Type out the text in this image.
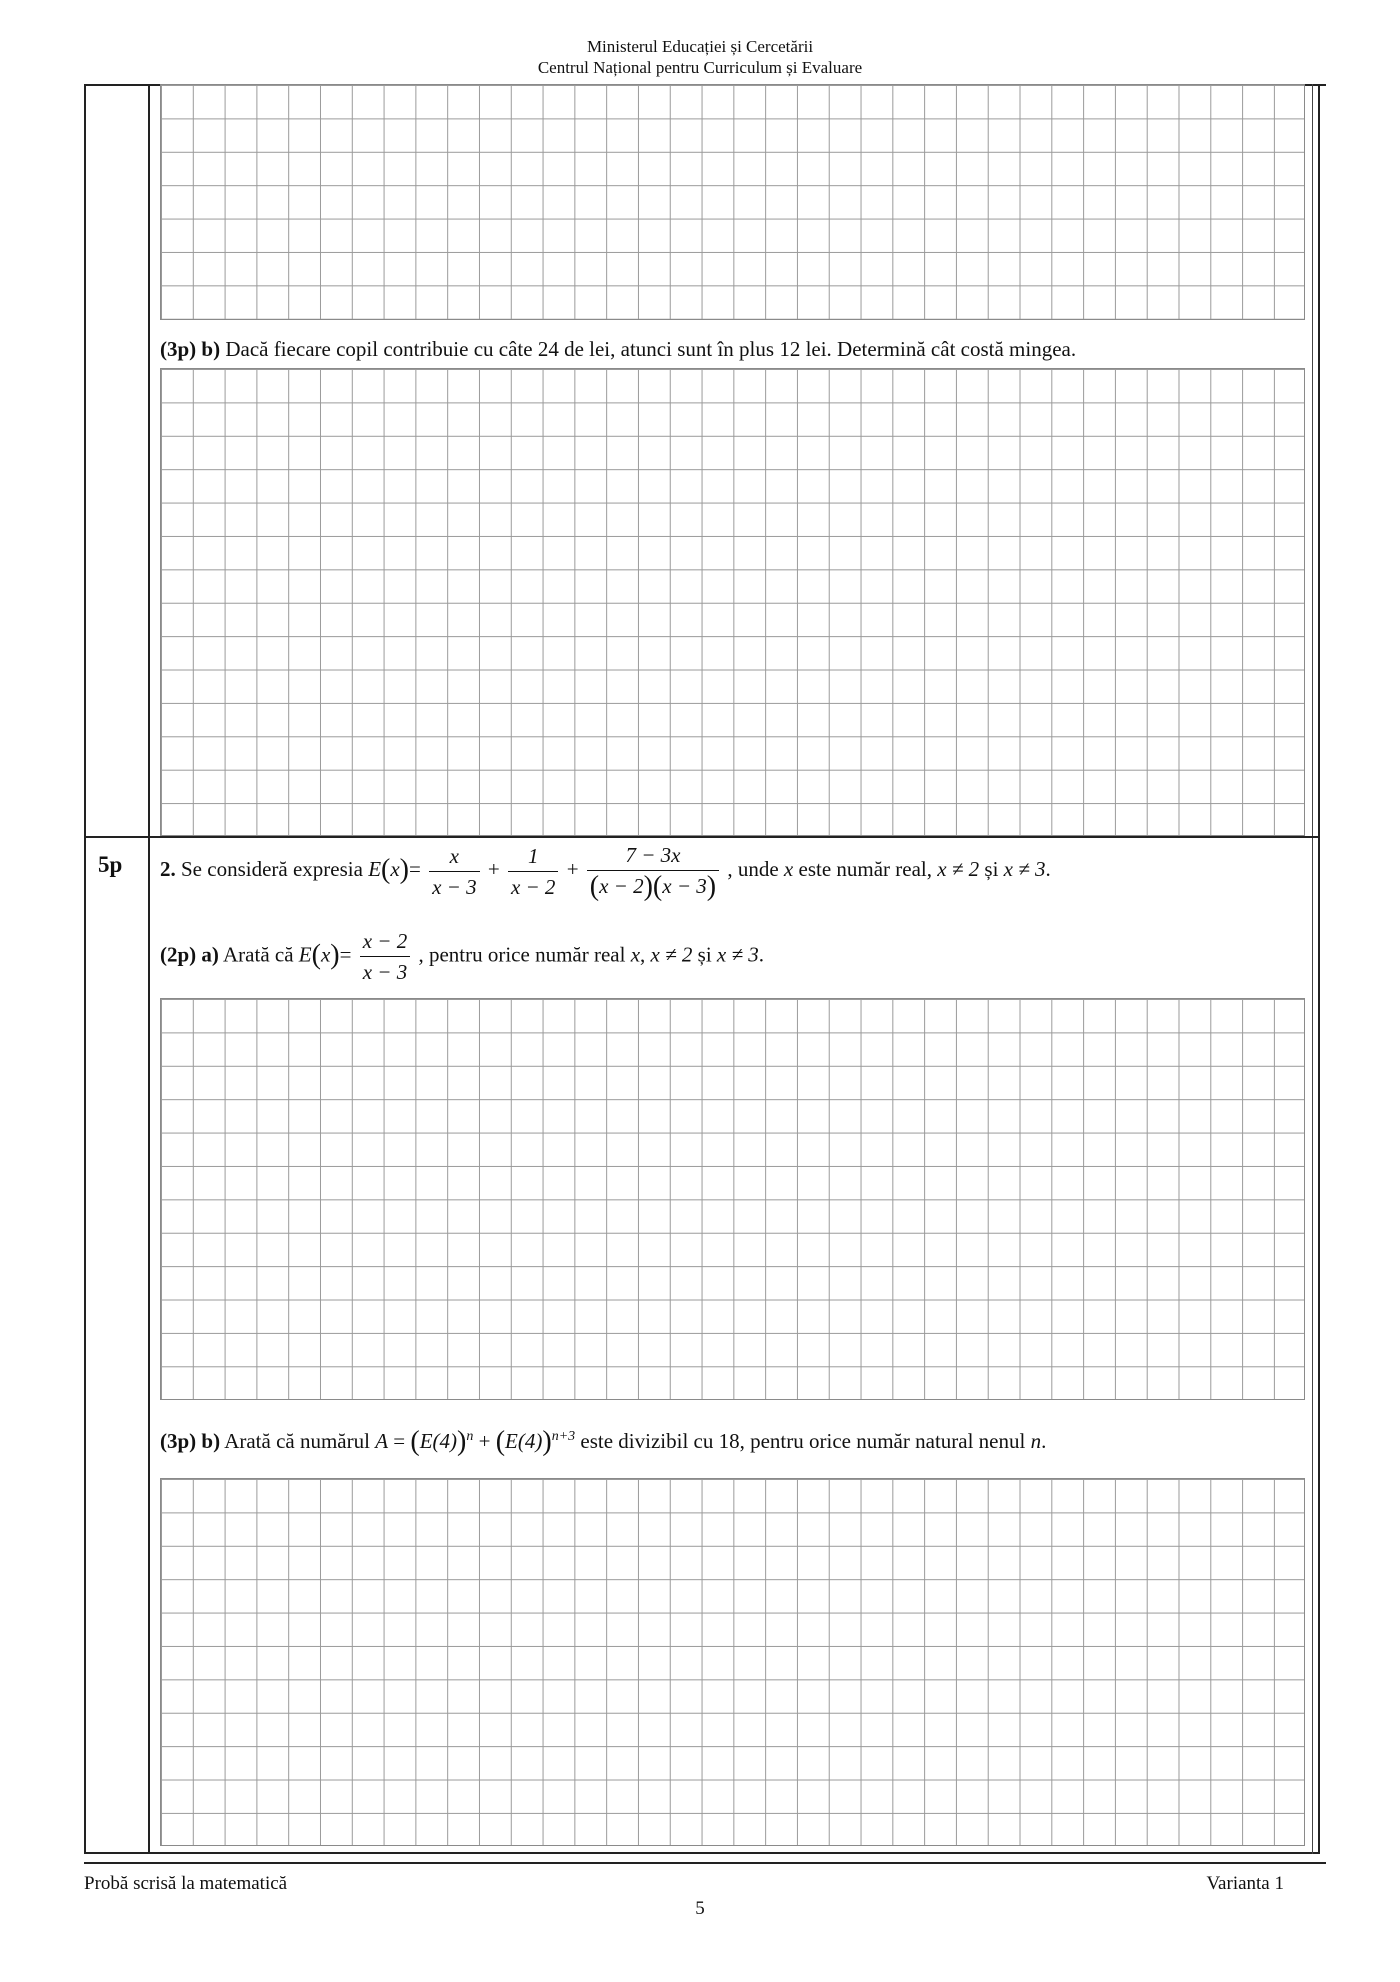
Ministerul Educației și Cercetării
Centrul Național pentru Curriculum și Evaluare
(3p) b) Dacă fiecare copil contribuie cu câte 24 de lei, atunci sunt în plus 12 lei. Determină cât costă mingea.
5p 2. Se consideră expresia $E(x)= \frac{x}{x - 3} + \frac{1}{x - 2} + \frac{7 - 3x}{(x - 2)(x - 3)}$ , unde x este număr real, x ≠ 2 și x ≠ 3.
(2p) a) Arată că $E(x)= \frac{x - 2}{x - 3}$ , pentru orice număr real x, x ≠ 2 și x ≠ 3.
(3p) b) Arată că numărul $A = (E(4))^n + (E(4))^{n+3}$ este divizibil cu 18, pentru orice număr natural nenul n.
Probă scrisă la matematică	Varianta 1
5
